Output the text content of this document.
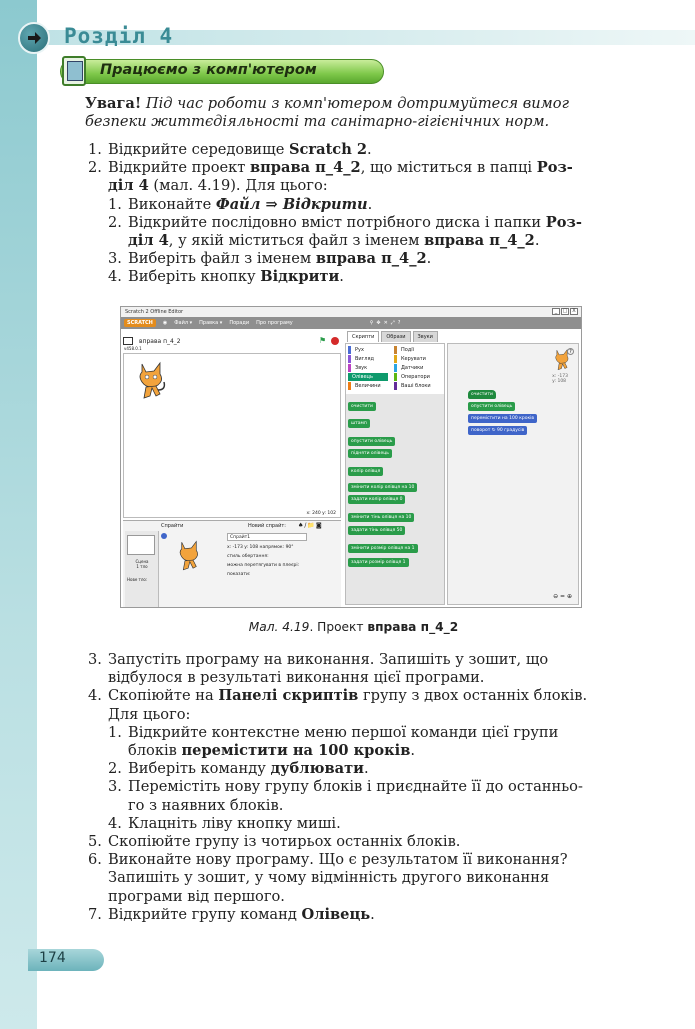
Розділ 4
Працюємо з комп'ютером
Увага! Під час роботи з комп'ютером дотримуйтеся вимог
безпеки життєдіяльності та санітарно-гігієнічних норм.
1. Відкрийте середовище Scratch 2.
2. Відкрийте проект вправа п_4_2, що міститься в папці Роз-
діл 4 (мал. 4.19). Для цього:
1. Виконайте Файл ⇒ Відкрити.
2. Відкрийте послідовно вміст потрібного диска і папки Роз-
діл 4, у якій міститься файл з іменем вправа п_4_2.
3. Виберіть файл з іменем вправа п_4_2.
4. Виберіть кнопку Відкрити.
Scratch 2 Offline Editor	_	□ X
SCRATCH	◉ Файл ▾ Правка ▾ Поради Про програму	⚲✥✕⤢?
вправа п_4_2
v458.0.1
⚑
x: 240 y: 102
Спрайти	Новий спрайт: ♠/📁◙
Сцена
1 тло
Нове тло:
Спрайт1
x: -173 y: 108 напрямок: 90°
стиль обертання:
можна перетягувати в плеєрі:
показати:
Скрипти	Образи	Звуки
Рух
Вигляд
Звук
Олівець
Величини
Події
Керувати
Датчики
Оператори
Ваші блоки
очистити
штамп
опустити олівець
підняти олівець
колір олівця
змінити колір олівця на 10
задати колір олівця 0
змінити тінь олівця на 10
задати тінь олівця 50
змінити розмір олівця на 1
задати розмір олівця 1
x: -173
y: 108
?
очистити
опустити олівець
перемістити на 100 кроків
поворот ↻ 90 градусів
⊖ = ⊕
Мал. 4.19. Проект вправа п_4_2
3. Запустіть програму на виконання. Запишіть у зошит, що
відбулося в результаті виконання цієї програми.
4. Скопіюйте на Панелі скриптів групу з двох останніх блоків.
Для цього:
1. Відкрийте контекстне меню першої команди цієї групи
блоків перемістити на 100 кроків.
2. Виберіть команду дублювати.
3. Перемістіть нову групу блоків і приєднайте її до останньо-
го з наявних блоків.
4. Клацніть ліву кнопку миші.
5. Скопіюйте групу із чотирьох останніх блоків.
6. Виконайте нову програму. Що є результатом її виконання?
Запишіть у зошит, у чому відмінність другого виконання
програми від першого.
7. Відкрийте групу команд Олівець.
174
